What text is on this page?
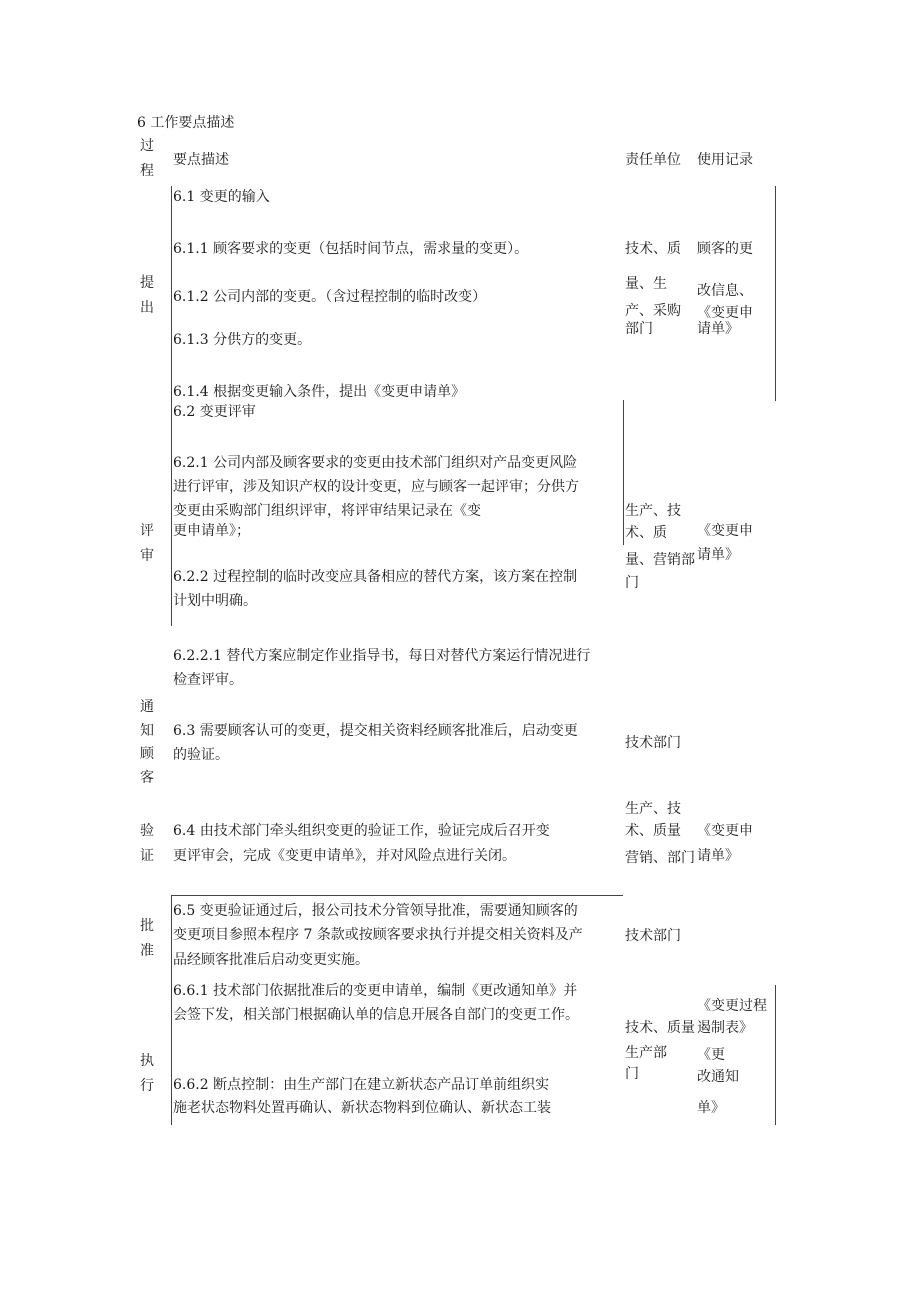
6 工作要点描述
过
程
要点描述	责任单位 使用记录
提
出
6.1 变更的输入
6.1.1 顾客要求的变更（包括时间节点，需求量的变更）。
6.1.2 公司内部的变更。（含过程控制的临时改变）
6.1.3 分供方的变更。
6.1.4 根据变更输入条件，提出《变更申请单》
技术、质
量、生
产、采购
部门
顾客的更
改信息、
《变更申
请单》
评
审
6.2 变更评审
6.2.1 公司内部及顾客要求的变更由技术部门组织对产品变更风险
进行评审，涉及知识产权的设计变更，应与顾客一起评审；分供方
变更由采购部门组织评审，将评审结果记录在《变
更申请单》；
6.2.2 过程控制的临时改变应具备相应的替代方案，该方案在控制
计划中明确。
6.2.2.1 替代方案应制定作业指导书，每日对替代方案运行情况进行
检查评审。
生产、技
术、质
量、营销部
门
《变更申
请单》
通
知
顾
客
6.3 需要顾客认可的变更，提交相关资料经顾客批准后，启动变更
的验证。
技术部门
验
证
6.4 由技术部门牵头组织变更的验证工作，验证完成后召开变
更评审会，完成《变更申请单》，并对风险点进行关闭。
生产、技
术、质量
营销、部门
《变更申
请单》
批
准
6.5 变更验证通过后，报公司技术分管领导批准，需要通知顾客的
变更项目参照本程序 7 条款或按顾客要求执行并提交相关资料及产
品经顾客批准后启动变更实施。
技术部门
执
行
6.6.1 技术部门依据批准后的变更申请单，编制《更改通知单》并
会签下发，相关部门根据确认单的信息开展各自部门的变更工作。
6.6.2 断点控制：由生产部门在建立新状态产品订单前组织实
施老状态物料处置再确认、新状态物料到位确认、新状态工装
技术、质量
生产部
门
《变更过程
遏制表》
《更
改通知
单》
